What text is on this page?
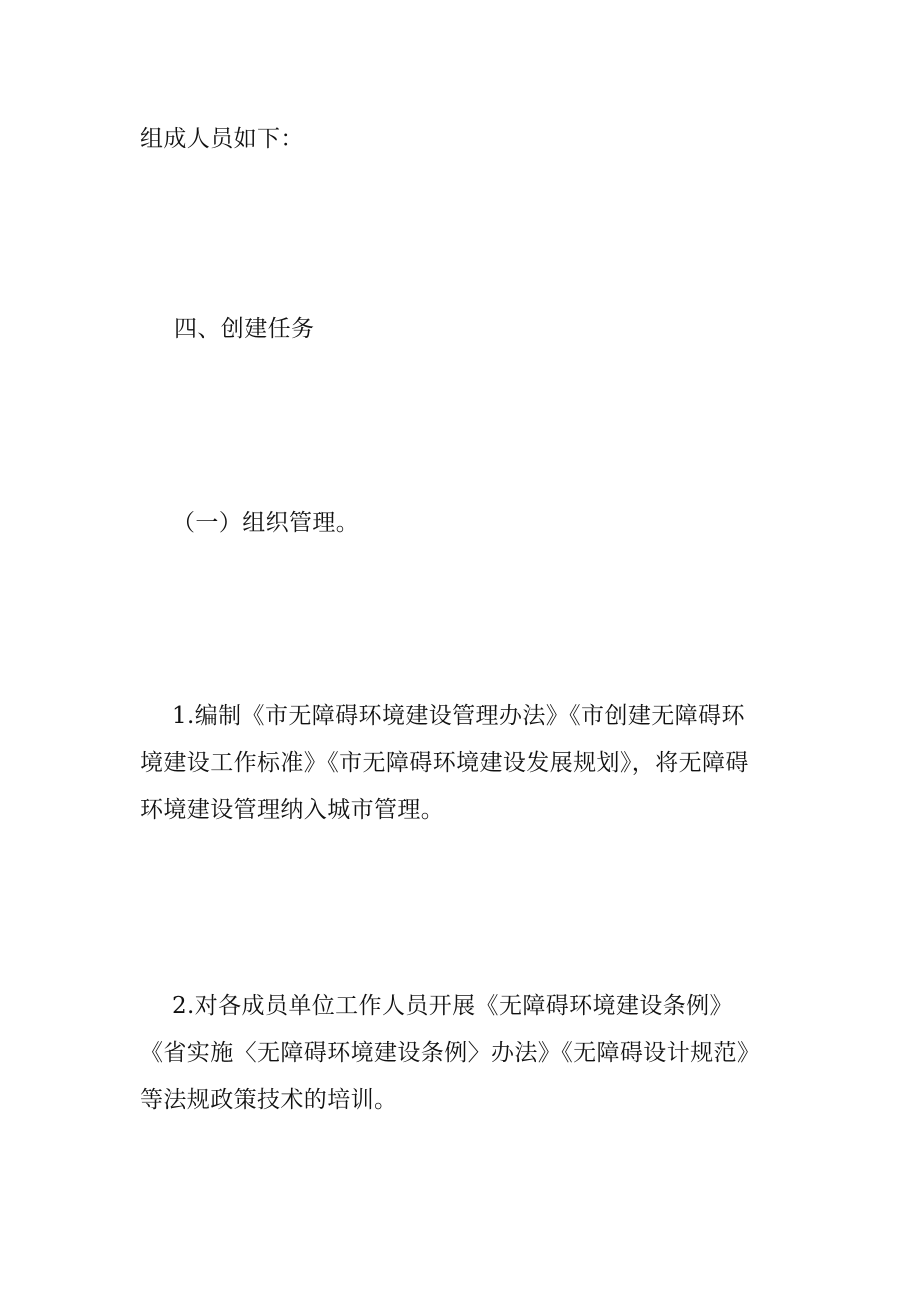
组成人员如下：
四、创建任务
（一）组织管理。
1.编制《市无障碍环境建设管理办法》《市创建无障碍环
境建设工作标准》《市无障碍环境建设发展规划》，将无障碍
环境建设管理纳入城市管理。
2.对各成员单位工作人员开展《无障碍环境建设条例》
《省实施〈无障碍环境建设条例〉办法》《无障碍设计规范》
等法规政策技术的培训。
